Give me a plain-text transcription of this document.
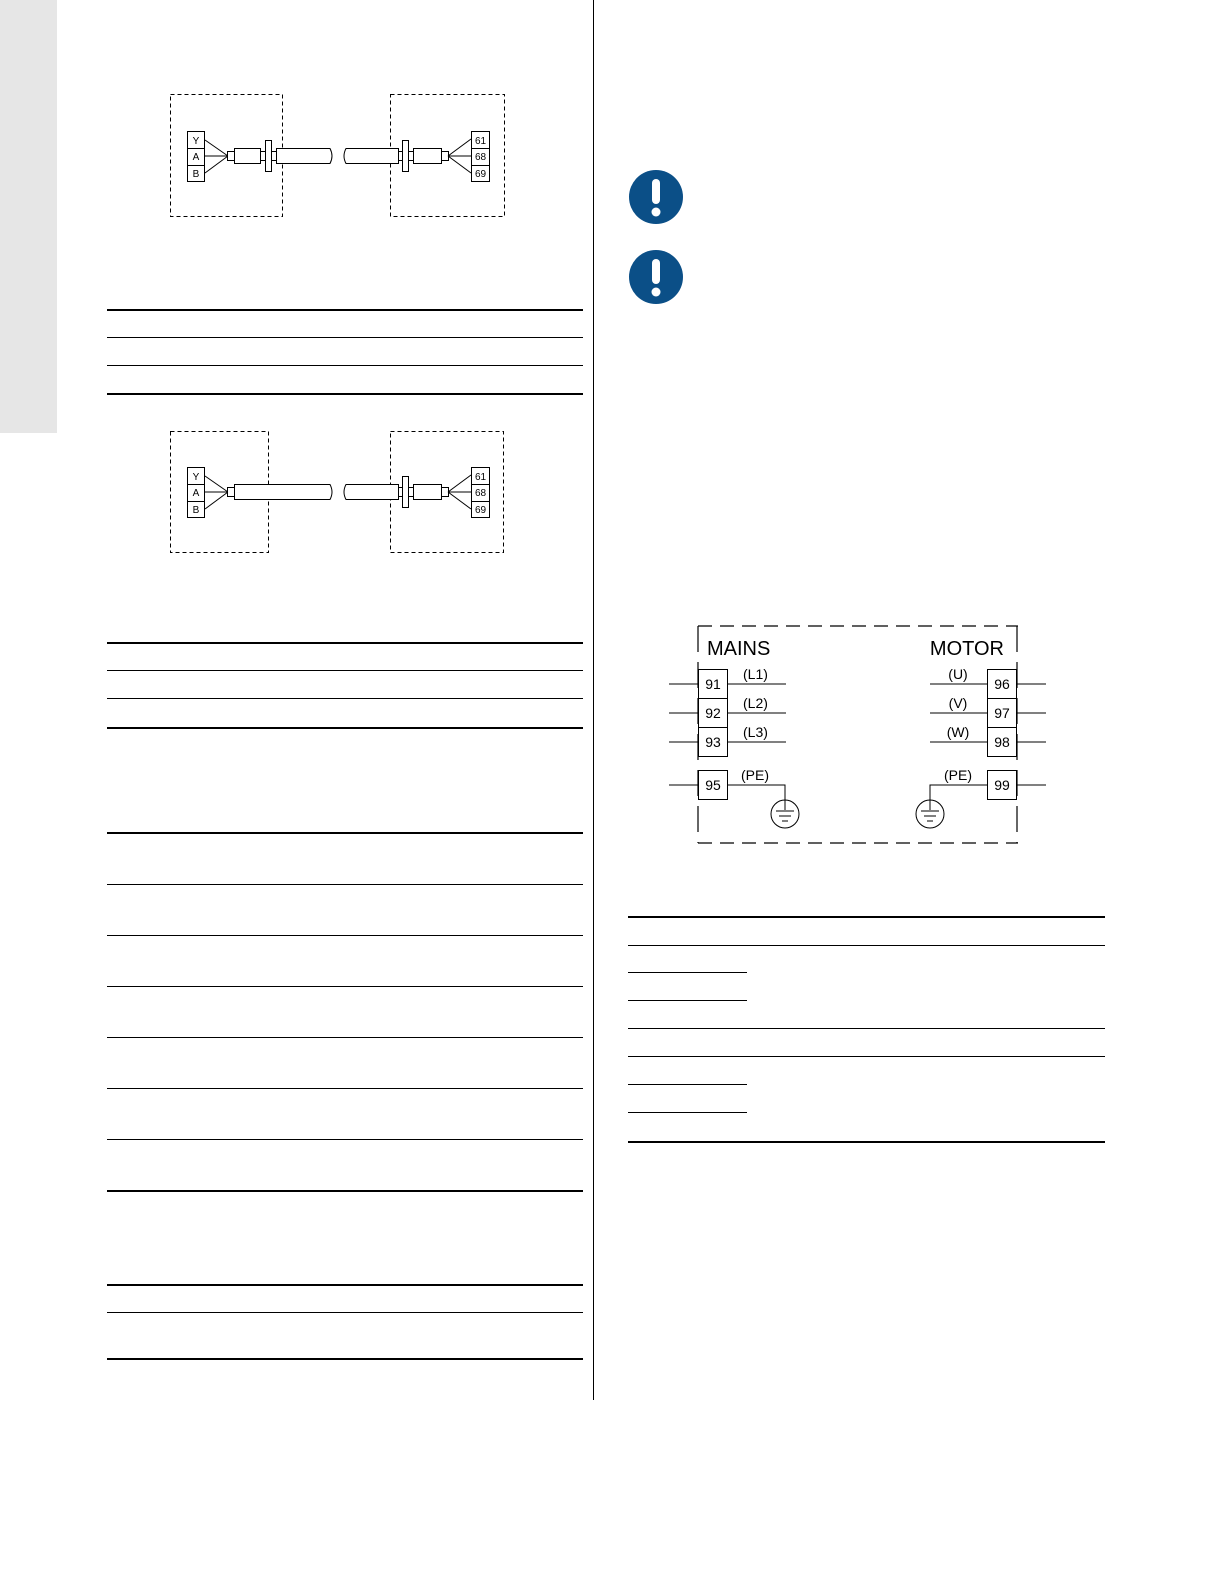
Y
A
B
61
68
69
Y
A
B
61
68
69
MAINS	MOTOR
91
92
93
95
(L1)
(L2)
(L3)
(PE)
96
97
98
99
(U)
(V)
(W)
(PE)
